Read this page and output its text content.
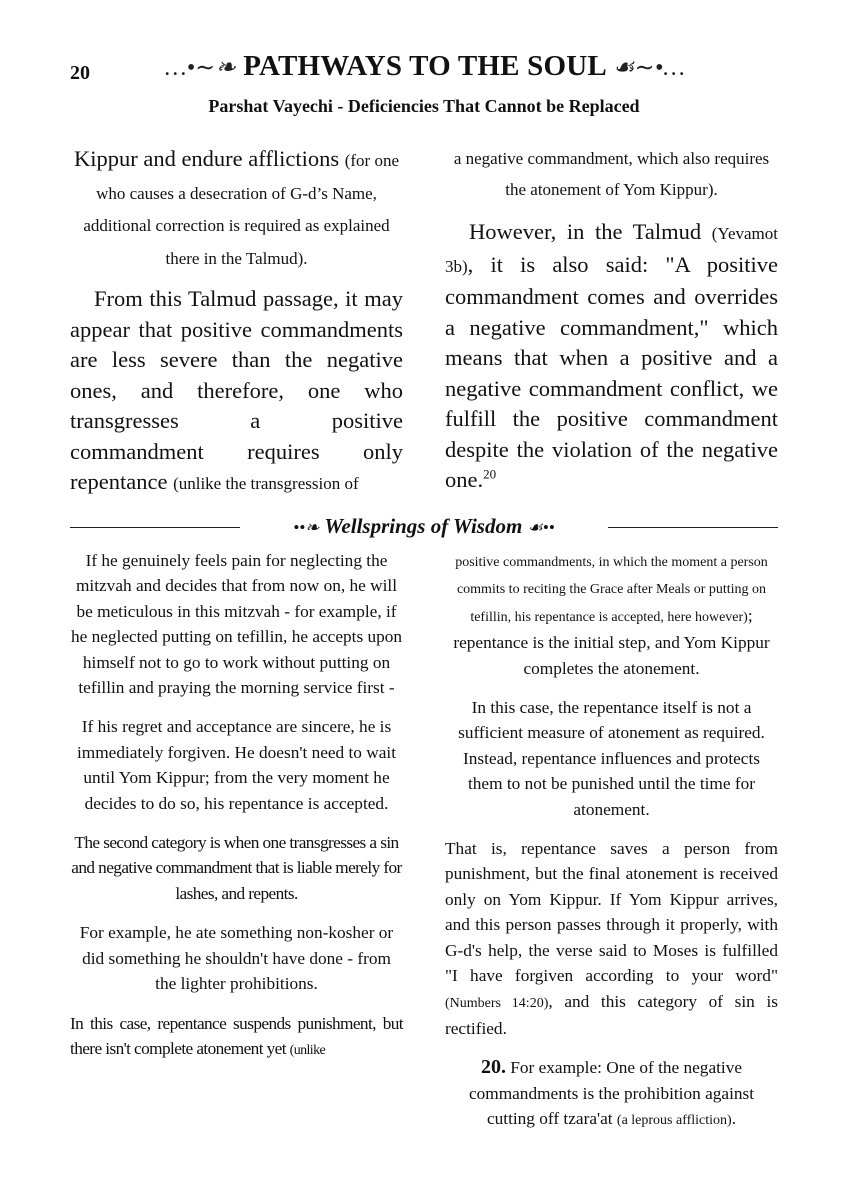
20	…•∼❧ PATHWAYS TO THE SOUL ☙∼•…
Parshat Vayechi - Deficiencies That Cannot be Replaced

Kippur and endure afflictions (for one who causes a desecration of G-d’s Name, additional correction is required as explained there in the Talmud).

From this Talmud passage, it may appear that positive commandments are less severe than the negative ones, and therefore, one who transgresses a positive commandment requires only repentance (unlike the transgression of

a negative commandment, which also requires the atonement of Yom Kippur).

However, in the Talmud (Yevamot 3b), it is also said: "A positive commandment comes and overrides a negative commandment," which means that when a positive and a negative commandment conflict, we fulfill the positive commandment despite the violation of the negative one.$^{20}$

••❧ Wellsprings of Wisdom ☙••

If he genuinely feels pain for neglecting the mitzvah and decides that from now on, he will be meticulous in this mitzvah - for example, if he neglected putting on tefillin, he accepts upon himself not to go to work without putting on tefillin and praying the morning service first -

If his regret and acceptance are sincere, he is immediately forgiven. He doesn't need to wait until Yom Kippur; from the very moment he decides to do so, his repentance is accepted.

The second category is when one transgresses a sin and negative commandment that is liable merely for lashes, and repents.

For example, he ate something non-kosher or did something he shouldn't have done - from the lighter prohibitions.

In this case, repentance suspends punishment, but there isn't complete atonement yet (unlike

positive commandments, in which the moment a person commits to reciting the Grace after Meals or putting on tefillin, his repentance is accepted, here however); repentance is the initial step, and Yom Kippur completes the atonement.

In this case, the repentance itself is not a sufficient measure of atonement as required. Instead, repentance influences and protects them to not be punished until the time for atonement.

That is, repentance saves a person from punishment, but the final atonement is received only on Yom Kippur. If Yom Kippur arrives, and this person passes through it properly, with G-d's help, the verse said to Moses is fulfilled "I have forgiven according to your word" (Numbers 14:20), and this category of sin is rectified.

20. For example: One of the negative commandments is the prohibition against cutting off tzara'at (a leprous affliction).
